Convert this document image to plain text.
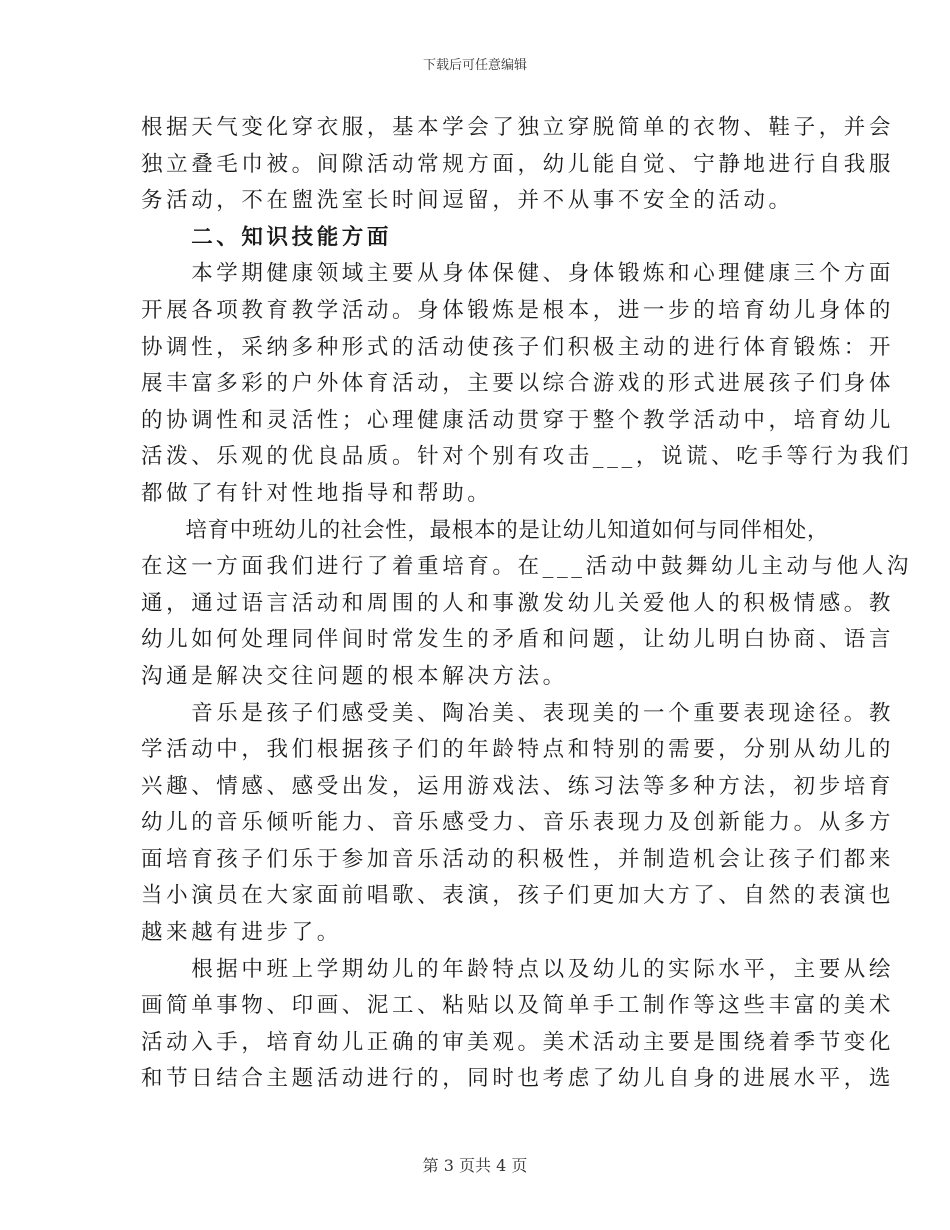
下载后可任意编辑
根据天气变化穿衣服，基本学会了独立穿脱简单的衣物、鞋子，并会
独立叠毛巾被。间隙活动常规方面，幼儿能自觉、宁静地进行自我服
务活动，不在盥洗室长时间逗留，并不从事不安全的活动。
　　二、知识技能方面
　　本学期健康领域主要从身体保健、身体锻炼和心理健康三个方面
开展各项教育教学活动。身体锻炼是根本，进一步的培育幼儿身体的
协调性，采纳多种形式的活动使孩子们积极主动的进行体育锻炼：开
展丰富多彩的户外体育活动，主要以综合游戏的形式进展孩子们身体
的协调性和灵活性；心理健康活动贯穿于整个教学活动中，培育幼儿
活泼、乐观的优良品质。针对个别有攻击___，说谎、吃手等行为我们
都做了有针对性地指导和帮助。
　　培育中班幼儿的社会性，最根本的是让幼儿知道如何与同伴相处，
在这一方面我们进行了着重培育。在___活动中鼓舞幼儿主动与他人沟
通，通过语言活动和周围的人和事激发幼儿关爱他人的积极情感。教
幼儿如何处理同伴间时常发生的矛盾和问题，让幼儿明白协商、语言
沟通是解决交往问题的根本解决方法。
　　音乐是孩子们感受美、陶冶美、表现美的一个重要表现途径。教
学活动中，我们根据孩子们的年龄特点和特别的需要，分别从幼儿的
兴趣、情感、感受出发，运用游戏法、练习法等多种方法，初步培育
幼儿的音乐倾听能力、音乐感受力、音乐表现力及创新能力。从多方
面培育孩子们乐于参加音乐活动的积极性，并制造机会让孩子们都来
当小演员在大家面前唱歌、表演，孩子们更加大方了、自然的表演也
越来越有进步了。
　　根据中班上学期幼儿的年龄特点以及幼儿的实际水平，主要从绘
画简单事物、印画、泥工、粘贴以及简单手工制作等这些丰富的美术
活动入手，培育幼儿正确的审美观。美术活动主要是围绕着季节变化
和节日结合主题活动进行的，同时也考虑了幼儿自身的进展水平，选
第 3 页共 4 页
